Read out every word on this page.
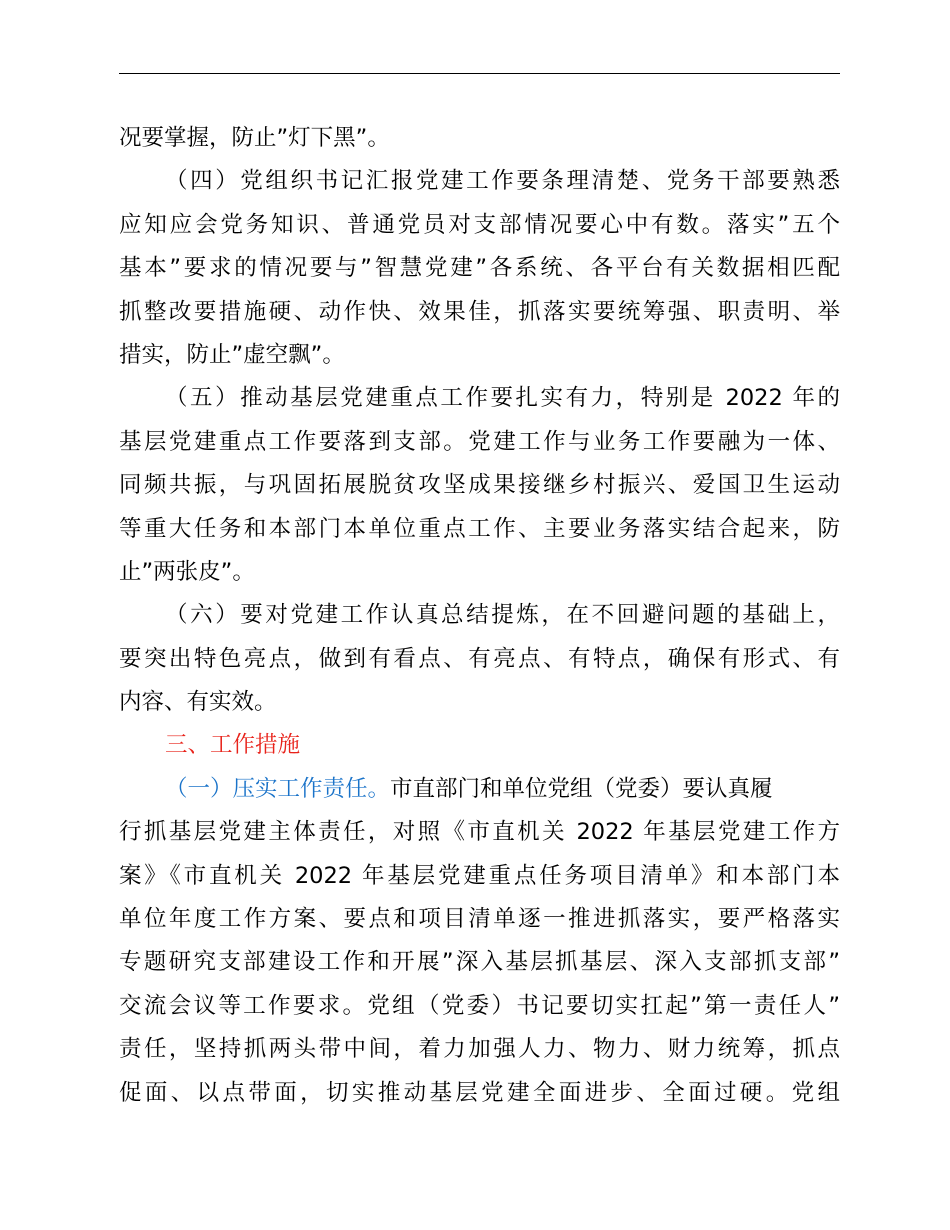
况要掌握，防止”灯下黑”。
（四）党组织书记汇报党建工作要条理清楚、党务干部要熟悉
应知应会党务知识、普通党员对支部情况要心中有数。落实”五个
基本”要求的情况要与”智慧党建”各系统、各平台有关数据相匹配
抓整改要措施硬、动作快、效果佳，抓落实要统筹强、职责明、举
措实，防止”虚空飘”。
（五）推动基层党建重点工作要扎实有力，特别是 2022 年的
基层党建重点工作要落到支部。党建工作与业务工作要融为一体、
同频共振，与巩固拓展脱贫攻坚成果接继乡村振兴、爱国卫生运动
等重大任务和本部门本单位重点工作、主要业务落实结合起来，防
止”两张皮”。
（六）要对党建工作认真总结提炼，在不回避问题的基础上，
要突出特色亮点，做到有看点、有亮点、有特点，确保有形式、有
内容、有实效。
三、工作措施
（一）压实工作责任。市直部门和单位党组（党委）要认真履
行抓基层党建主体责任，对照《市直机关 2022 年基层党建工作方
案》《市直机关 2022 年基层党建重点任务项目清单》和本部门本
单位年度工作方案、要点和项目清单逐一推进抓落实，要严格落实
专题研究支部建设工作和开展”深入基层抓基层、深入支部抓支部”
交流会议等工作要求。党组（党委）书记要切实扛起”第一责任人”
责任，坚持抓两头带中间，着力加强人力、物力、财力统筹，抓点
促面、以点带面，切实推动基层党建全面进步、全面过硬。党组
